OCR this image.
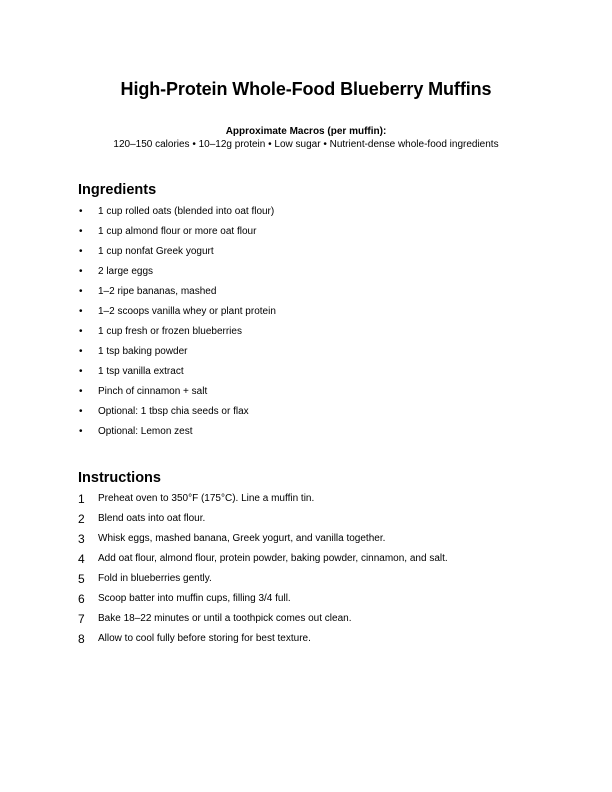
High-Protein Whole-Food Blueberry Muffins
Approximate Macros (per muffin):
120–150 calories • 10–12g protein • Low sugar • Nutrient-dense whole-food ingredients
Ingredients
•	1 cup rolled oats (blended into oat flour)
•	1 cup almond flour or more oat flour
•	1 cup nonfat Greek yogurt
•	2 large eggs
•	1–2 ripe bananas, mashed
•	1–2 scoops vanilla whey or plant protein
•	1 cup fresh or frozen blueberries
•	1 tsp baking powder
•	1 tsp vanilla extract
•	Pinch of cinnamon + salt
•	Optional: 1 tbsp chia seeds or flax
•	Optional: Lemon zest
Instructions
1	Preheat oven to 350°F (175°C). Line a muffin tin.
2	Blend oats into oat flour.
3	Whisk eggs, mashed banana, Greek yogurt, and vanilla together.
4	Add oat flour, almond flour, protein powder, baking powder, cinnamon, and salt.
5	Fold in blueberries gently.
6	Scoop batter into muffin cups, filling 3/4 full.
7	Bake 18–22 minutes or until a toothpick comes out clean.
8	Allow to cool fully before storing for best texture.
